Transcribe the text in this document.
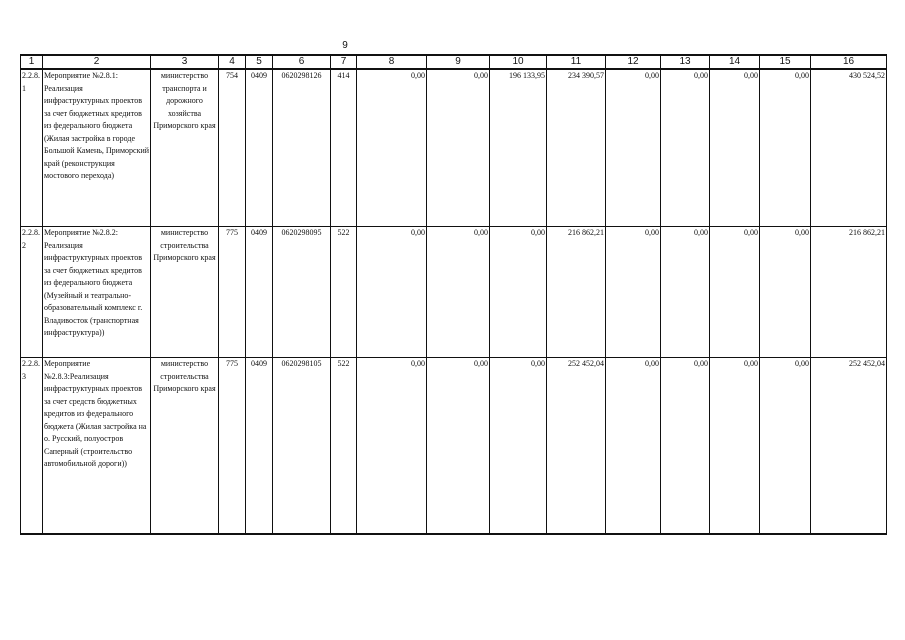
9
1	2	3	4	5	6	7	8	9	10	11	12	13	14	15	16
2.2.8.1	Мероприятие №2.8.1: Реализация инфраструктурных проектов за счет бюджетных кредитов из федерального бюджета (Жилая застройка в городе Большой Камень, Приморский край (реконструкция мостового перехода)	министерство транспорта и дорожного хозяйства Приморского края	754	0409	0620298126	414	0,00	0,00	196 133,95	234 390,57	0,00	0,00	0,00	0,00	430 524,52
2.2.8.2	Мероприятие №2.8.2: Реализация инфраструктурных проектов за счет бюджетных кредитов из федерального бюджета (Музейный и театрально-образовательный комплекс г. Владивосток (транспортная инфраструктура))	министерство строительства Приморского края	775	0409	0620298095	522	0,00	0,00	0,00	216 862,21	0,00	0,00	0,00	0,00	216 862,21
2.2.8.3	Мероприятие №2.8.3:Реализация инфраструктурных проектов за счет средств бюджетных кредитов из федерального бюджета (Жилая застройка на о. Русский, полуостров Саперный (строительство автомобильной дороги))	министерство строительства Приморского края	775	0409	0620298105	522	0,00	0,00	0,00	252 452,04	0,00	0,00	0,00	0,00	252 452,04
